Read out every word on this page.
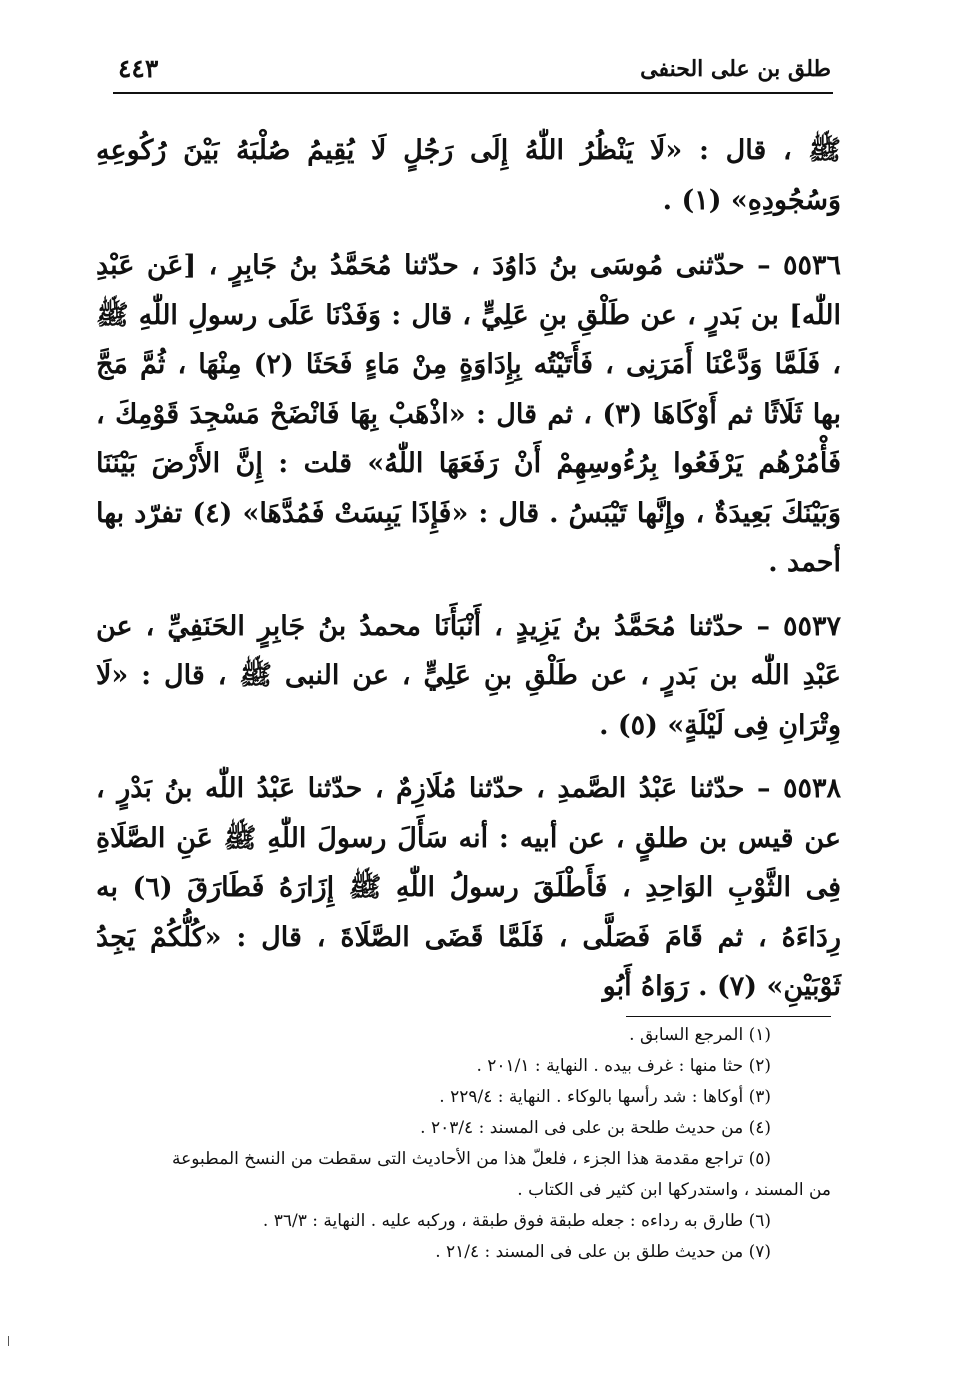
طلق بن على الحنفى
٤٤٣

ﷺ ، قال : «لَا يَنْظُرُ اللّٰهُ إِلَى رَجُلٍ لَا يُقِيمُ صُلْبَهُ بَيْنَ رُكُوعِهِ وَسُجُودِهِ» (١) .

٥٥٣٦ – حدّثنى مُوسَى بنُ دَاوُدَ ، حدّثنا مُحَمَّدُ بنُ جَابِرٍ ، [عَن عَبْدِ اللّٰه] بن بَدرٍ ، عن طَلْقِ بنِ عَلِيٍّ ، قال : وَفَدْنَا عَلَى رسولِ اللّٰهِ ﷺ ، فَلَمَّا وَدَّعْنَا أَمَرَنِى ، فَأَتَيْتُه بِإِدَاوَةٍ مِنْ مَاءٍ فَحَثَا (٢) مِنْهَا ، ثُمَّ مَجَّ بها ثَلَاثًا ثم أَوْكَاهَا (٣) ، ثم قال : «اذْهَبْ بِهَا فَانْضَحْ مَسْجِدَ قَوْمِكَ ، فَأْمُرْهُم يَرْفَعُوا بِرُءُوسِهِمْ أَنْ رَفَعَهَا اللّٰهُ» قلت : إِنَّ الأَرْضَ بَيْنَنَا وَبَيْنَكَ بَعِيدَةٌ ، وإِنَّها تَيْبَسُ . قال : «فَإِذَا يَبِسَتْ فَمُدَّهَا» (٤) تفرّد بها أحمد .

٥٥٣٧ – حدّثنا مُحَمَّدُ بنُ يَزِيدٍ ، أَنْبَأَنَا محمدُ بنُ جَابِرٍ الحَنَفِيِّ ، عن عَبْدِ اللّٰه بن بَدرٍ ، عن طَلْقِ بنِ عَلِيٍّ ، عن النبى ﷺ ، قال : «لَا وِتْرَانِ فِى لَيْلَةٍ» (٥) .

٥٥٣٨ – حدّثنا عَبْدُ الصَّمدِ ، حدّثنا مُلَازِمٌ ، حدّثنا عَبْدُ اللّٰه بنُ بَدْرٍ ، عن قيس بن طلقٍ ، عن أبيه : أنه سَأَلَ رسولَ اللّٰهِ ﷺ عَنِ الصَّلَاةِ فِى الثَّوْبِ الوَاحِدِ ، فَأَطْلَقَ رسولُ اللّٰهِ ﷺ إِزَارَهُ فَطَارَقَ (٦) به رِدَاءَهُ ، ثم قَامَ فَصَلَّى ، فَلَمَّا قَضَى الصَّلَاةَ ، قال : «كُلُّكُمْ يَجِدُ ثَوْبَيْنِ» (٧) . رَوَاهُ أَبُو

(١) المرجع السابق .

(٢) حثا منها : غرف بيده . النهاية : ٢٠١/١ .

(٣) أوكاها : شد رأسها بالوكاء . النهاية : ٢٢٩/٤ .

(٤) من حديث طلحة بن على فى المسند : ٢٠٣/٤ .

(٥) تراجع مقدمة هذا الجزء ، فلعلّ هذا من الأحاديث التى سقطت من النسخ المطبوعة

من المسند ، واستدركها ابن كثير فى الكتاب .

(٦) طارق به رداءه : جعله طبقة فوق طبقة ، وركبه عليه . النهاية : ٣٦/٣ .

(٧) من حديث طلق بن على فى المسند : ٢١/٤ .
